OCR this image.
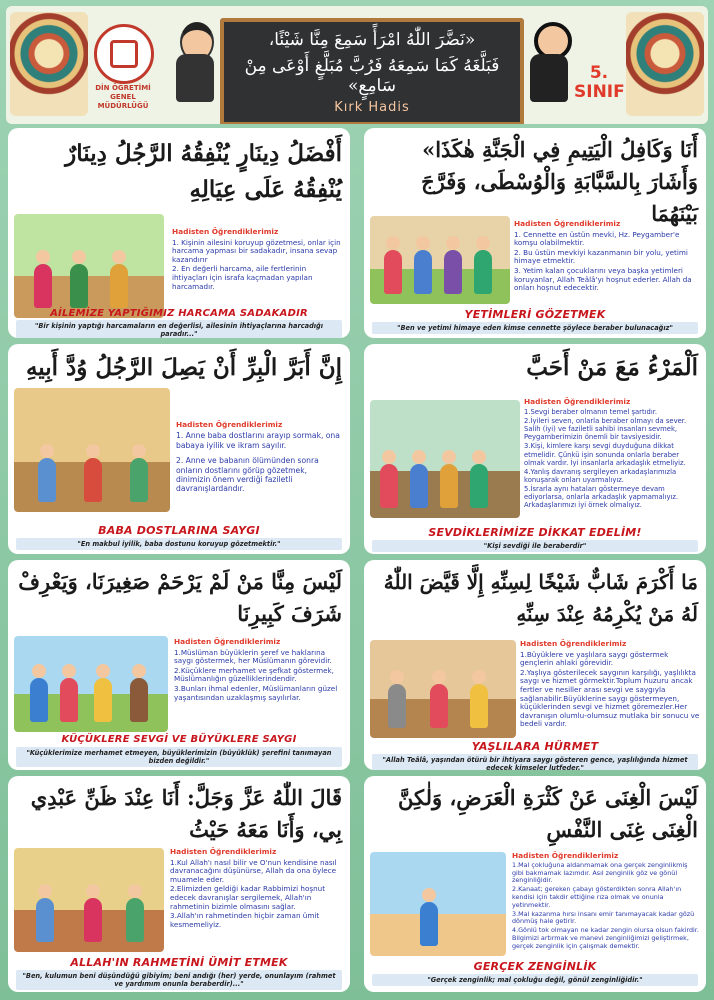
DİN ÖĞRETİMİ GENEL MÜDÜRLÜĞÜ
«نَضَّرَ اللّٰهُ امْرَأً سَمِعَ مِنَّا شَيْئًا،
فَبَلَّغَهُ كَمَا سَمِعَهُ فَرُبَّ مُبَلَّغٍ أَوْعَى مِنْ سَامِعٍ»
Kırk Hadis
5.
SINIF
أَفْضَلُ دِينَارٍ يُنْفِقُهُ الرَّجُلُ دِينَارٌ يُنْفِقُهُ عَلَى عِيَالِهِ
Hadisten Öğrendiklerimiz
1. Kişinin ailesini koruyup gözetmesi, onlar için harcama yapması bir sadakadır, insana sevap kazandırır
2. En değerli harcama, aile fertlerinin ihtiyaçları için israfa kaçmadan yapılan harcamadır.
AİLEMİZE YAPTIĞIMIZ HARCAMA SADAKADIR
"Bir kişinin yaptığı harcamaların en değerlisi, ailesinin ihtiyaçlarına harcadığı paradır..."
أَنَا وَكَافِلُ الْيَتِيمِ فِي الْجَنَّةِ هٰكَذَا» وَأَشَارَ بِالسَّبَّابَةِ وَالْوُسْطَى، وَفَرَّجَ بَيْنَهُمَا
Hadisten Öğrendiklerimiz
1. Cennette en üstün mevki, Hz. Peygamber'e komşu olabilmektir.
2. Bu üstün mevkiyi kazanmanın bir yolu, yetimi himaye etmektir.
3. Yetim kalan çocuklarını veya başka yetimleri koruyanlar, Allah Teâlâ'yı hoşnut ederler. Allah da onları hoşnut edecektir.
YETİMLERİ GÖZETMEK
"Ben ve yetimi himaye eden kimse cennette şöylece beraber bulunacağız"
إِنَّ أَبَرَّ الْبِرِّ أَنْ يَصِلَ الرَّجُلُ وُدَّ أَبِيهِ
Hadisten Öğrendiklerimiz
1. Anne baba dostlarını arayıp sormak, ona babaya iyilik ve ikram sayılır.
2. Anne ve babanın ölümünden sonra onların dostlarını görüp gözetmek, dinimizin önem verdiği faziletli davranışlardandır.
BABA DOSTLARINA SAYGI
"En makbul iyilik, baba dostunu koruyup gözetmektir."
اَلْمَرْءُ مَعَ مَنْ أَحَبَّ
Hadisten Öğrendiklerimiz
1.Sevgi beraber olmanın temel şartıdır.
2.İyileri seven, onlarla beraber olmayı da sever. Salih (iyi) ve faziletli sahibi insanları sevmek, Peygamberimizin önemli bir tavsiyesidir.
3.Kişi, kimlere karşı sevgi duyduğuna dikkat etmelidir. Çünkü işin sonunda onlarla beraber olmak vardır. İyi insanlarla arkadaşlık etmeliyiz.
4.Yanlış davranış sergileyen arkadaşlarımızla konuşarak onları uyarmalıyız.
5.İsrarla aynı hataları göstermeye devam ediyorlarsa, onlarla arkadaşlık yapmamalıyız. Arkadaşlarımızı iyi örnek olmalıyız.
SEVDİKLERİMİZE DİKKAT EDELİM!
"Kişi sevdiği ile beraberdir"
لَيْسَ مِنَّا مَنْ لَمْ يَرْحَمْ صَغِيرَنَا، وَيَعْرِفْ شَرَفَ كَبِيرِنَا
Hadisten Öğrendiklerimiz
1.Müslüman büyüklerin şeref ve haklarına saygı göstermek, her Müslümanın görevidir.
2.Küçüklere merhamet ve şefkat göstermek, Müslümanlığın güzelliklerindendir.
3.Bunları ihmal edenler, Müslümanların güzel yaşantısından uzaklaşmış sayılırlar.
KÜÇÜKLERE SEVGİ VE BÜYÜKLERE SAYGI
"Küçüklerimize merhamet etmeyen, büyüklerimizin (büyüklük) şerefini tanımayan bizden değildir."
مَا أَكْرَمَ شَابٌّ شَيْخًا لِسِنِّهِ إِلَّا قَيَّضَ اللّٰهُ لَهُ مَنْ يُكْرِمُهُ عِنْدَ سِنِّهِ
Hadisten Öğrendiklerimiz
1.Büyüklere ve yaşlılara saygı göstermek gençlerin ahlaki görevidir.
2.Yaşlıya gösterilecek saygının karşılığı, yaşlılıkta saygı ve hizmet görmektir.Toplum huzuru ancak fertler ve nesiller arası sevgi ve saygıyla sağlanabilir.Büyüklerine saygı göstermeyen, küçüklerinden sevgi ve hizmet göremezler.Her davranışın olumlu-olumsuz mutlaka bir sonucu ve bedeli vardır.
YAŞLILARA HÜRMET
"Allah Teâlâ, yaşından ötürü bir ihtiyara saygı gösteren gence, yaşlılığında hizmet edecek kimseler lutfeder."
قَالَ اللّٰهُ عَزَّ وَجَلَّ: أَنَا عِنْدَ ظَنِّ عَبْدِي بِي، وَأَنَا مَعَهُ حَيْثُ
Hadisten Öğrendiklerimiz
1.Kul Allah'ı nasıl bilir ve O'nun kendisine nasıl davranacağını düşünürse, Allah da ona öylece muamele eder.
2.Elimizden geldiği kadar Rabbimizi hoşnut edecek davranışlar sergilemek, Allah'ın rahmetinin bizimle olmasını sağlar.
3.Allah'ın rahmetinden hiçbir zaman ümit kesmemeliyiz.
ALLAH'IN RAHMETİNİ ÜMİT ETMEK
"Ben, kulumun beni düşündüğü gibiyim; beni andığı (her) yerde, onunlayım (rahmet ve yardımım onunla beraberdir)..."
لَيْسَ الْغِنَى عَنْ كَثْرَةِ الْعَرَضِ، وَلٰكِنَّ الْغِنَى غِنَى النَّفْسِ
Hadisten Öğrendiklerimiz
1.Mal çokluğuna aldanmamak ona gerçek zenginlikmiş gibi bakmamak lazımdır. Asıl zenginlik göz ve gönül zenginliğidir.
2.Kanaat; gereken çabayı gösterdikten sonra Allah'ın kendisi için takdir ettiğine rıza olmak ve onunla yetinmektir.
3.Mal kazanma hırsı insanı emir tanımayacak kadar gözü dönmüş hale getirir.
4.Gönlü tok olmayan ne kadar zengin olursa olsun fakirdir. Bilgimizi artırmak ve manevi zenginliğimizi geliştirmek, gerçek zenginlik için çalışmak demektir.
GERÇEK ZENGİNLİK
"Gerçek zenginlik; mal çokluğu değil, gönül zenginliğidir."
